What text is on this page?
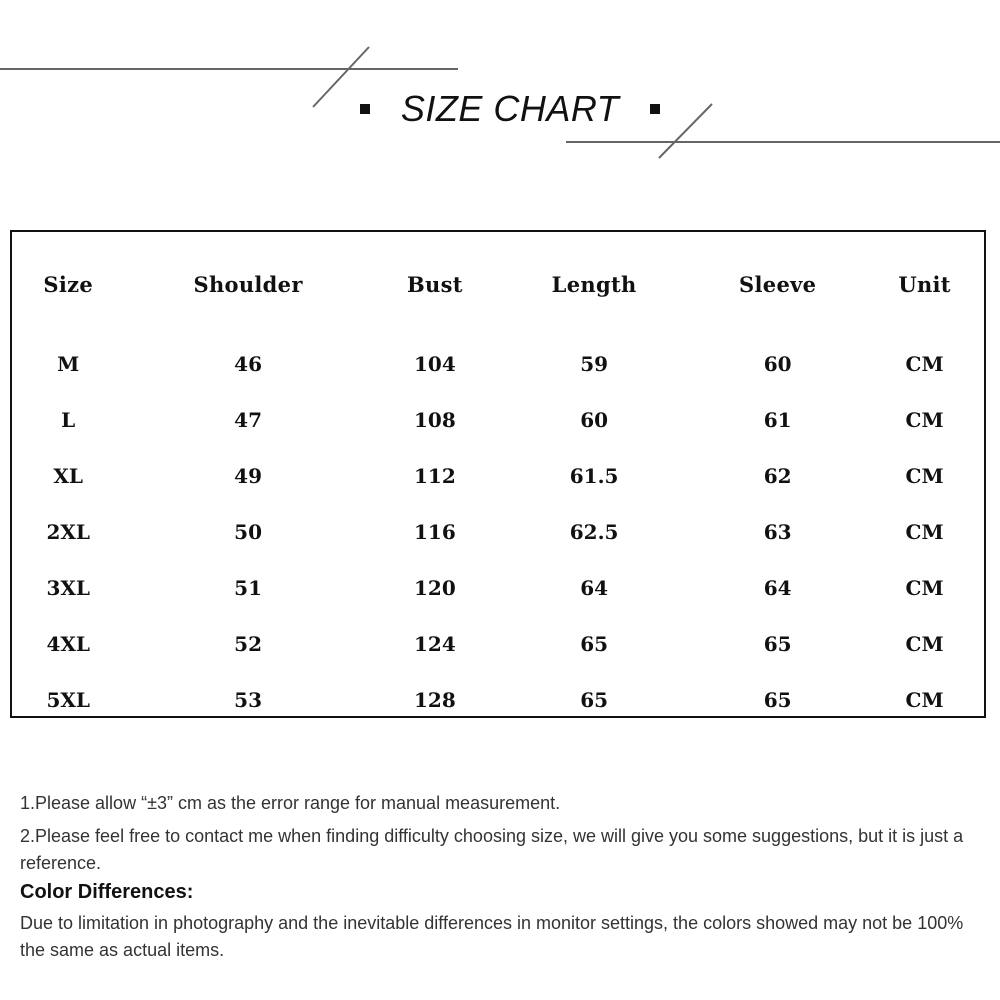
SIZE CHART
Size	Shoulder	Bust	Length	Sleeve	Unit
M	46	104	59	60	CM
L	47	108	60	61	CM
XL	49	112	61.5	62	CM
2XL	50	116	62.5	63	CM
3XL	51	120	64	64	CM
4XL	52	124	65	65	CM
5XL	53	128	65	65	CM

1.Please allow “±3” cm as the error range for manual measurement.

2.Please feel free to contact me when finding difficulty choosing size, we will give you some suggestions, but it is just a reference.

Color Differences:

Due to limitation in photography and the inevitable differences in monitor settings, the colors showed may not be 100% the same as actual items.
